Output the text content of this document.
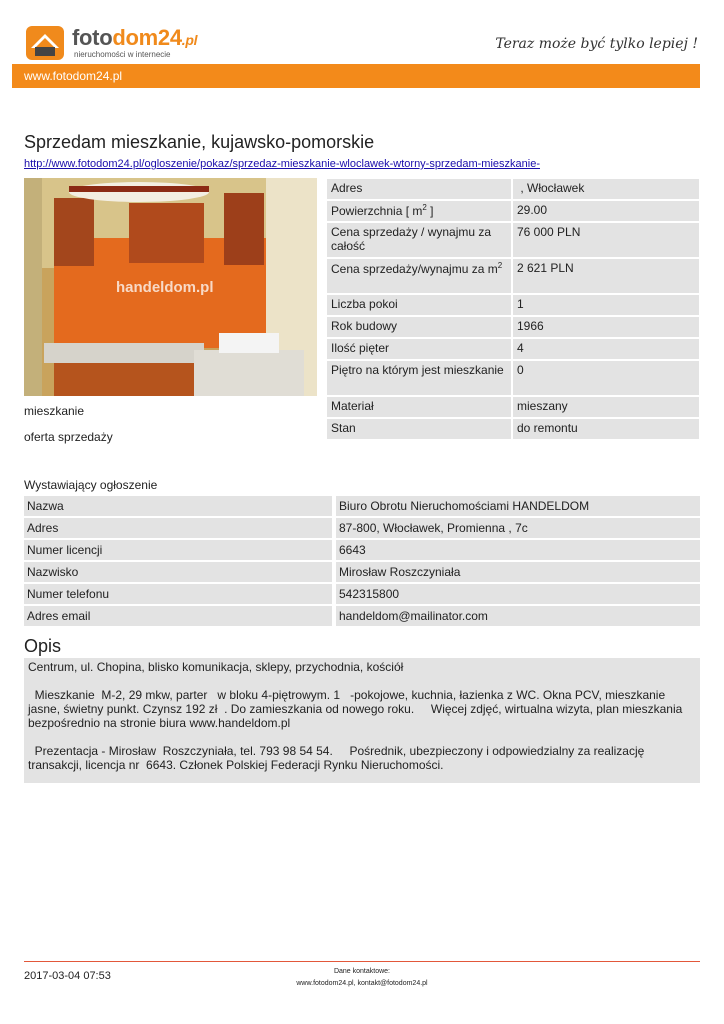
fotodom24.pl
nieruchomości w internecie
Teraz może być tylko lepiej !
www.fotodom24.pl
Sprzedam mieszkanie, kujawsko-pomorskie
http://www.fotodom24.pl/ogloszenie/pokaz/sprzedaz-mieszkanie-wloclawek-wtorny-sprzedam-mieszkanie-
handeldom.pl
mieszkanie
oferta sprzedaży
Adres	, Włocławek
Powierzchnia [ $m^2$ ]	29.00
Cena sprzedaży / wynajmu za całość	76 000 PLN
Cena sprzedaży/wynajmu za $m^2$	2 621 PLN
Liczba pokoi	1
Rok budowy	1966
Ilość pięter	4
Piętro na którym jest mieszkanie	0
Materiał	mieszany
Stan	do remontu
Wystawiający ogłoszenie
Nazwa	Biuro Obrotu Nieruchomościami HANDELDOM
Adres	87-800, Włocławek, Promienna , 7c
Numer licencji	6643
Nazwisko	Mirosław Roszczyniała
Numer telefonu	542315800
Adres email	handeldom@mailinator.com
Opis

Centrum, ul. Chopina, blisko komunikacja, sklepy, przychodnia, kościół

Mieszkanie  M-2, 29 mkw, parter   w bloku 4-piętrowym. 1   -pokojowe, kuchnia, łazienka z WC. Okna PCV, mieszkanie jasne, świetny punkt. Czynsz 192 zł  . Do zamieszkania od nowego roku.     Więcej zdjęć, wirtualna wizyta, plan mieszkania bezpośrednio na stronie biura www.handeldom.pl

Prezentacja - Mirosław  Roszczyniała, tel. 793 98 54 54.     Pośrednik, ubezpieczony i odpowiedzialny za realizację transakcji, licencja nr  6643. Członek Polskiej Federacji Rynku Nieruchomości.

2017-03-04 07:53	Dane kontaktowe:
www.fotodom24.pl, kontakt@fotodom24.pl
